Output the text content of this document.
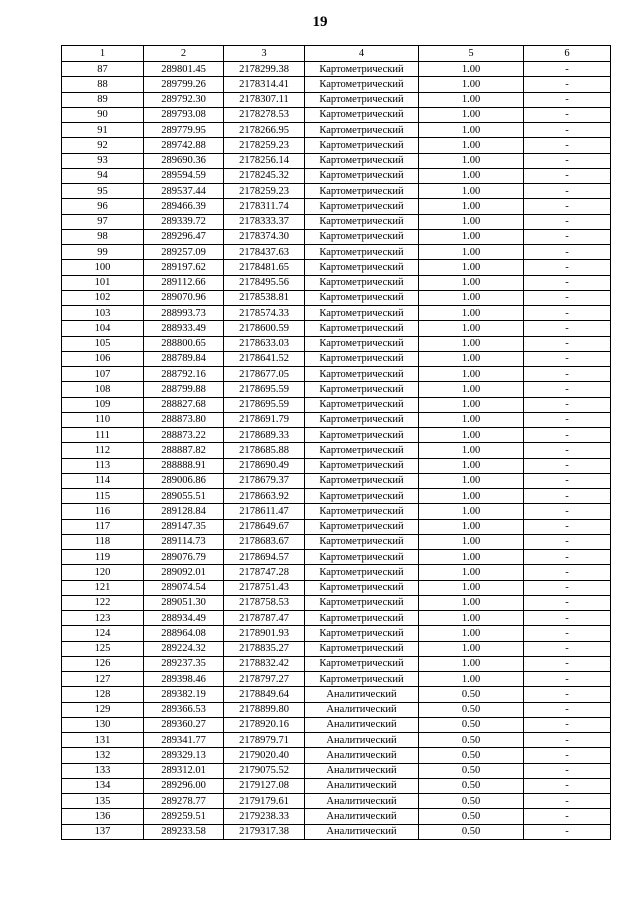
19
1	2	3	4	5	6
87	289801.45	2178299.38	Картометрический	1.00	-
88	289799.26	2178314.41	Картометрический	1.00	-
89	289792.30	2178307.11	Картометрический	1.00	-
90	289793.08	2178278.53	Картометрический	1.00	-
91	289779.95	2178266.95	Картометрический	1.00	-
92	289742.88	2178259.23	Картометрический	1.00	-
93	289690.36	2178256.14	Картометрический	1.00	-
94	289594.59	2178245.32	Картометрический	1.00	-
95	289537.44	2178259.23	Картометрический	1.00	-
96	289466.39	2178311.74	Картометрический	1.00	-
97	289339.72	2178333.37	Картометрический	1.00	-
98	289296.47	2178374.30	Картометрический	1.00	-
99	289257.09	2178437.63	Картометрический	1.00	-
100	289197.62	2178481.65	Картометрический	1.00	-
101	289112.66	2178495.56	Картометрический	1.00	-
102	289070.96	2178538.81	Картометрический	1.00	-
103	288993.73	2178574.33	Картометрический	1.00	-
104	288933.49	2178600.59	Картометрический	1.00	-
105	288800.65	2178633.03	Картометрический	1.00	-
106	288789.84	2178641.52	Картометрический	1.00	-
107	288792.16	2178677.05	Картометрический	1.00	-
108	288799.88	2178695.59	Картометрический	1.00	-
109	288827.68	2178695.59	Картометрический	1.00	-
110	288873.80	2178691.79	Картометрический	1.00	-
111	288873.22	2178689.33	Картометрический	1.00	-
112	288887.82	2178685.88	Картометрический	1.00	-
113	288888.91	2178690.49	Картометрический	1.00	-
114	289006.86	2178679.37	Картометрический	1.00	-
115	289055.51	2178663.92	Картометрический	1.00	-
116	289128.84	2178611.47	Картометрический	1.00	-
117	289147.35	2178649.67	Картометрический	1.00	-
118	289114.73	2178683.67	Картометрический	1.00	-
119	289076.79	2178694.57	Картометрический	1.00	-
120	289092.01	2178747.28	Картометрический	1.00	-
121	289074.54	2178751.43	Картометрический	1.00	-
122	289051.30	2178758.53	Картометрический	1.00	-
123	288934.49	2178787.47	Картометрический	1.00	-
124	288964.08	2178901.93	Картометрический	1.00	-
125	289224.32	2178835.27	Картометрический	1.00	-
126	289237.35	2178832.42	Картометрический	1.00	-
127	289398.46	2178797.27	Картометрический	1.00	-
128	289382.19	2178849.64	Аналитический	0.50	-
129	289366.53	2178899.80	Аналитический	0.50	-
130	289360.27	2178920.16	Аналитический	0.50	-
131	289341.77	2178979.71	Аналитический	0.50	-
132	289329.13	2179020.40	Аналитический	0.50	-
133	289312.01	2179075.52	Аналитический	0.50	-
134	289296.00	2179127.08	Аналитический	0.50	-
135	289278.77	2179179.61	Аналитический	0.50	-
136	289259.51	2179238.33	Аналитический	0.50	-
137	289233.58	2179317.38	Аналитический	0.50	-
